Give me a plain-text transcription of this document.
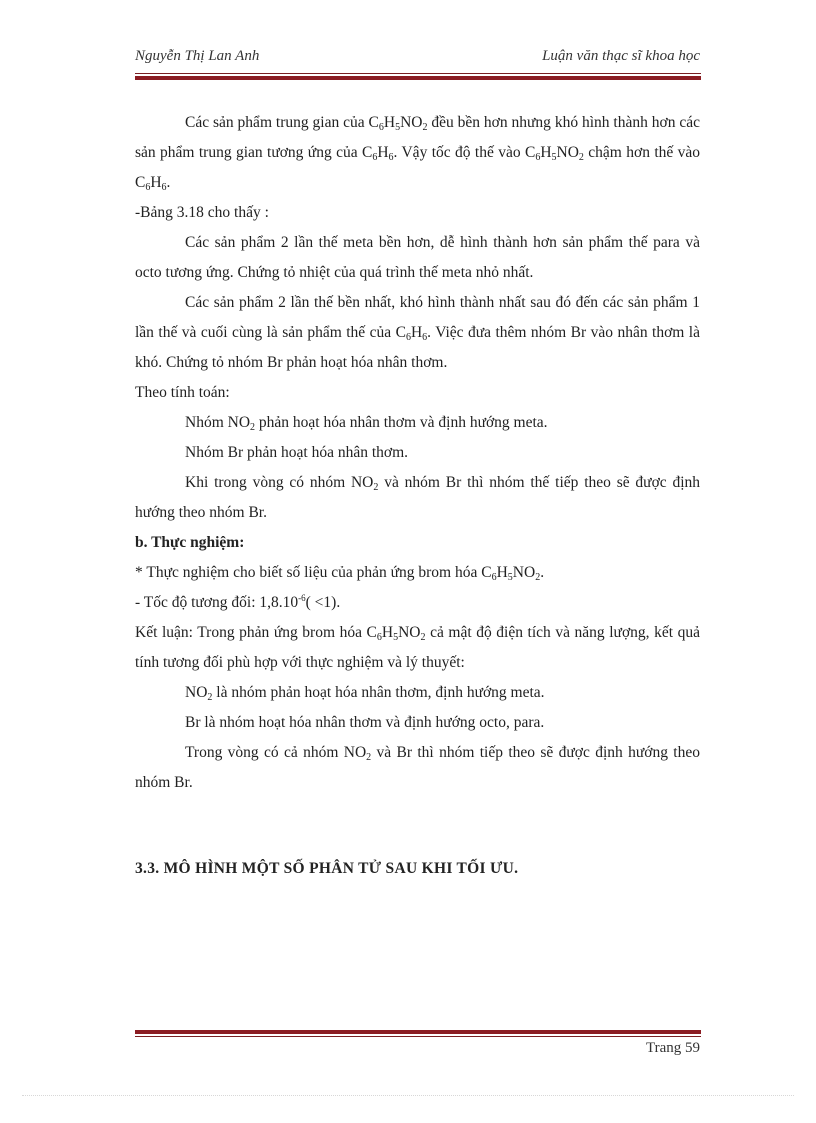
Nguyễn Thị Lan Anh	Luận văn thạc sĩ khoa học

Các sản phẩm trung gian của $C_6H_5NO_2$ đều bền hơn nhưng khó hình thành hơn các sản phẩm trung gian tương ứng của $C_6H_6$. Vậy tốc độ thế vào $C_6H_5NO_2$ chậm hơn thế vào $C_6H_6$.

-Bảng 3.18 cho thấy :

Các sản phẩm 2 lần thế meta bền hơn, dễ hình thành hơn sản phẩm thế para và octo tương ứng. Chứng tỏ nhiệt của quá trình thế meta nhỏ nhất.

Các sản phẩm 2 lần thế bền nhất, khó hình thành nhất sau đó đến các sản phẩm 1 lần thế và cuối cùng là sản phẩm thế của $C_6H_6$. Việc đưa thêm nhóm Br vào nhân thơm là khó. Chứng tỏ nhóm Br phản hoạt hóa nhân thơm.

Theo tính toán:

Nhóm $NO_2$ phản hoạt hóa nhân thơm và định hướng meta.

Nhóm Br phản hoạt hóa nhân thơm.

Khi trong vòng có nhóm $NO_2$ và nhóm Br thì nhóm thế tiếp theo sẽ được định hướng theo nhóm Br.

b. Thực nghiệm:

* Thực nghiệm cho biết số liệu của phản ứng brom hóa $C_6H_5NO_2$.

- Tốc độ tương đối: $1,8.10^{-6}( <1)$.

Kết luận: Trong phản ứng brom hóa $C_6H_5NO_2$ cả mật độ điện tích và năng lượng, kết quả tính tương đối phù hợp với thực nghiệm và lý thuyết:

$NO_2$ là nhóm phản hoạt hóa nhân thơm, định hướng meta.

Br là nhóm hoạt hóa nhân thơm và định hướng octo, para.

Trong vòng có cả nhóm $NO_2$ và Br thì nhóm tiếp theo sẽ được định hướng theo nhóm Br.

3.3. MÔ HÌNH MỘT SỐ PHÂN TỬ SAU KHI TỐI ƯU.
Trang 59
